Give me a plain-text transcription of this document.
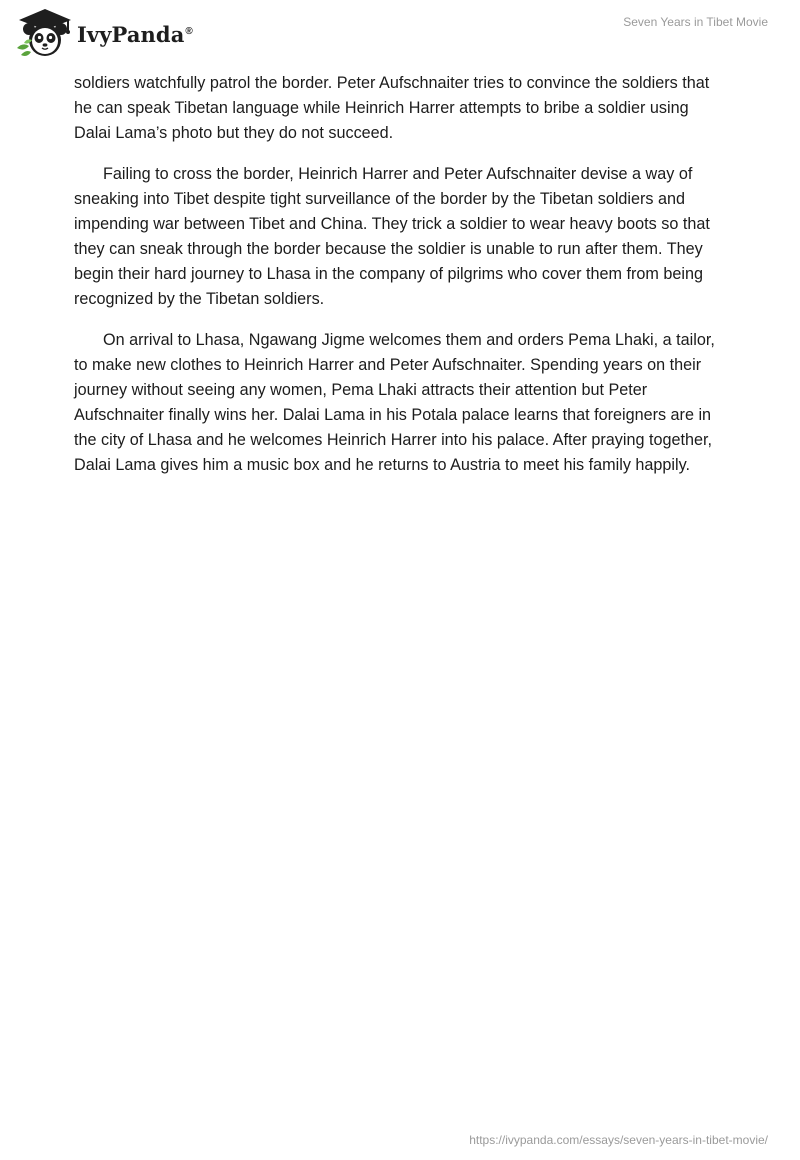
IvyPanda®
Seven Years in Tibet Movie

soldiers watchfully patrol the border. Peter Aufschnaiter tries to convince the soldiers that he can speak Tibetan language while Heinrich Harrer attempts to bribe a soldier using Dalai Lama’s photo but they do not succeed.

Failing to cross the border, Heinrich Harrer and Peter Aufschnaiter devise a way of sneaking into Tibet despite tight surveillance of the border by the Tibetan soldiers and impending war between Tibet and China. They trick a soldier to wear heavy boots so that they can sneak through the border because the soldier is unable to run after them. They begin their hard journey to Lhasa in the company of pilgrims who cover them from being recognized by the Tibetan soldiers.

On arrival to Lhasa, Ngawang Jigme welcomes them and orders Pema Lhaki, a tailor, to make new clothes to Heinrich Harrer and Peter Aufschnaiter. Spending years on their journey without seeing any women, Pema Lhaki attracts their attention but Peter Aufschnaiter finally wins her. Dalai Lama in his Potala palace learns that foreigners are in the city of Lhasa and he welcomes Heinrich Harrer into his palace. After praying together, Dalai Lama gives him a music box and he returns to Austria to meet his family happily.

https://ivypanda.com/essays/seven-years-in-tibet-movie/
